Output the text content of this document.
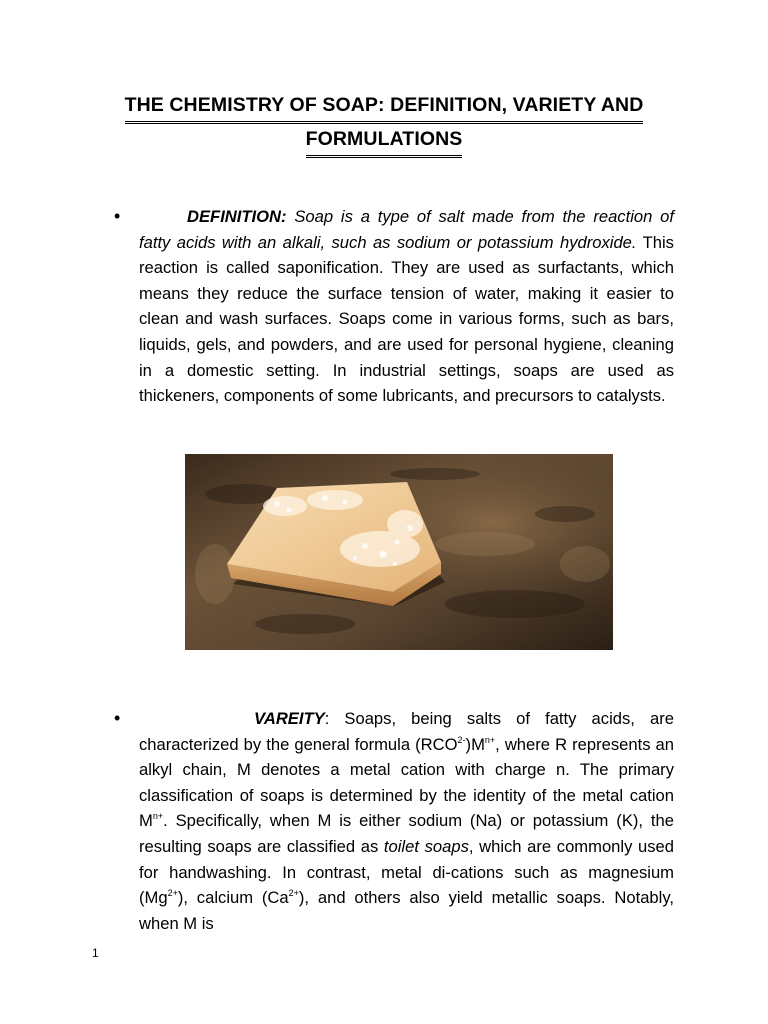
THE CHEMISTRY OF SOAP: DEFINITION, VARIETY AND
FORMULATIONS
•	DEFINITION: Soap is a type of salt made from the reaction of fatty acids with an alkali, such as sodium or potassium hydroxide. This reaction is called saponification. They are used as surfactants, which means they reduce the surface tension of water, making it easier to clean and wash surfaces. Soaps come in various forms, such as bars, liquids, gels, and powders, and are used for personal hygiene, cleaning in a domestic setting. In industrial settings, soaps are used as thickeners, components of some lubricants, and precursors to catalysts.
•	VAREITY: Soaps, being salts of fatty acids, are characterized by the general formula $(RCO^{2-})M^{n+}$, where R represents an alkyl chain, M denotes a metal cation with charge n. The primary classification of soaps is determined by the identity of the metal cation $M^{n+}$. Specifically, when M is either sodium (Na) or potassium (K), the resulting soaps are classified as toilet soaps, which are commonly used for handwashing. In contrast, metal di-cations such as magnesium $(Mg^{2+})$, calcium $(Ca^{2+})$, and others also yield metallic soaps. Notably, when M is
1
